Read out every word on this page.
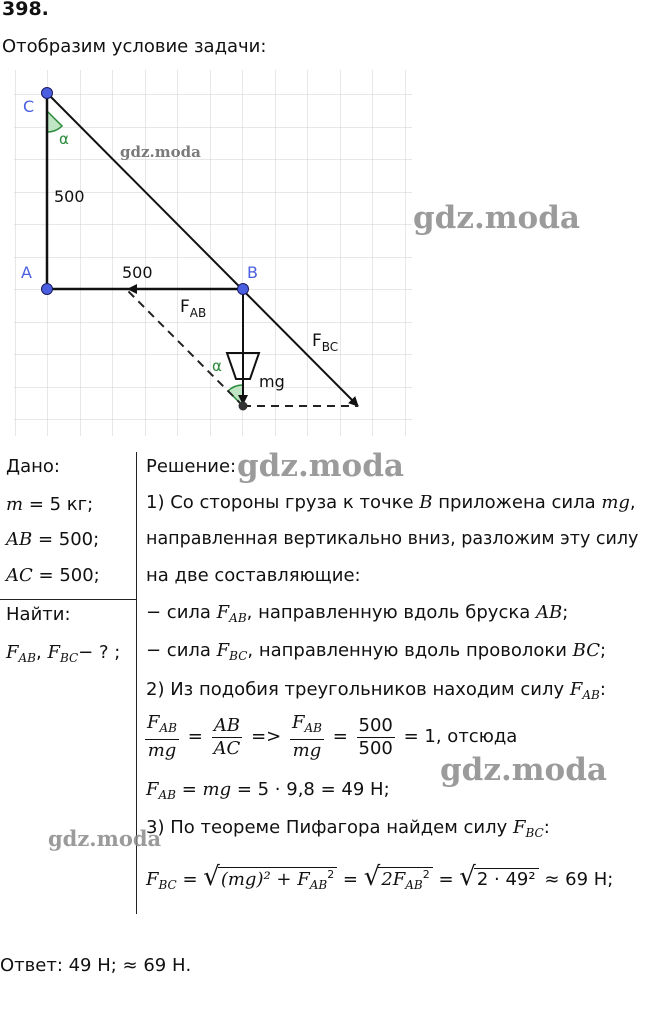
398.
Отобразим условие задачи:
C
A	B
α
α
500
500
$F_{AB}$
$F_{BC}$
mg
gdz.moda
gdz.moda
Дано:
m = 5 кг;
AB = 500;
AC = 500;
Найти:
$F_{AB}$, $F_{BC}-$ ? ;
Решение: gdz.moda
1) Со стороны груза к точке B приложена сила mg,
направленная вертикально вниз, разложим эту силу
на две составляющие:
− сила $F_{AB}$, направленную вдоль бруска AB;
− сила $F_{BC}$, направленную вдоль проволоки BC;
2) Из подобия треугольников находим силу $F_{AB}$:
$\frac{F_{AB}}{mg} = \frac{AB}{AC} => \frac{F_{AB}}{mg} = \frac{500}{500} = 1$, отсюда
gdz.moda
$F_{AB}$ = mg = 5 · 9,8 = 49 Н;
gdz.moda
3) По теореме Пифагора найдем силу $F_{BC}$:
$F_{BC} = √(mg)^2 + F_{AB}^2 = √2F_{AB}^2 = √2 \cdot 49^2 \approx 69$ Н;
Ответ: 49 Н; ≈ 69 Н.
